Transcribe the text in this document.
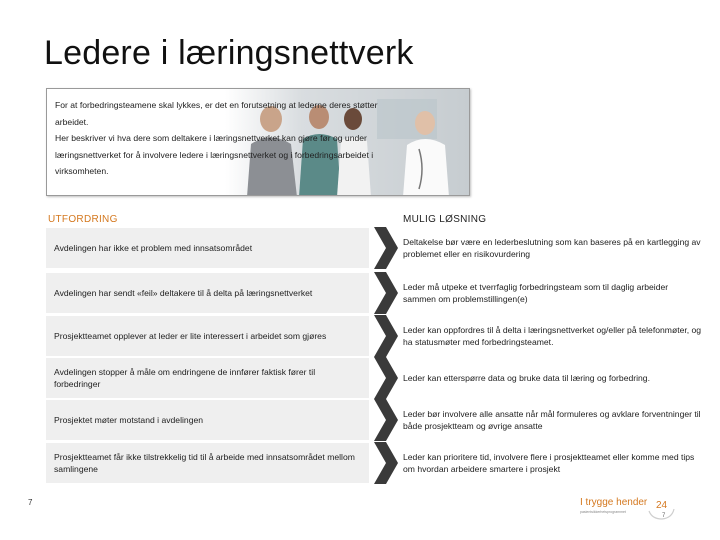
Ledere i læringsnettverk
For at forbedringsteamene skal lykkes, er det en forutsetning at lederne deres støtter
arbeidet.
Her beskriver vi hva dere som deltakere i læringsnettverket kan gjøre før og under
læringsnettverket for å involvere ledere i læringsnettverket og i forbedringsarbeidet i
virksomheten.
UTFORDRING	MULIG LØSNING
Avdelingen har ikke et problem med innsatsområdet
Deltakelse bør være en lederbeslutning som kan baseres på en kartlegging av problemet eller en risikovurdering
Avdelingen har sendt «feil» deltakere til å delta på læringsnettverket
Leder må utpeke et tverrfaglig forbedringsteam som til daglig arbeider sammen om problemstillingen(e)
Prosjektteamet opplever at leder er lite interessert i arbeidet som gjøres
Leder kan oppfordres til å delta i læringsnettverket og/eller på telefonmøter, og ha statusmøter med forbedringsteamet.
Avdelingen stopper å måle om endringene de innfører faktisk fører til forbedringer
Leder kan etterspørre data og bruke data til læring og forbedring.
Prosjektet møter motstand i avdelingen
Leder bør involvere alle ansatte når mål formuleres og avklare forventninger til både prosjektteam og øvrige ansatte
Prosjektteamet får ikke tilstrekkelig tid til å arbeide med innsatsområdet mellom samlingene
Leder kan prioritere tid, involvere flere i prosjektteamet eller komme med tips om hvordan arbeidere smartere i prosjekt
7	I trygge hender
pasientsikkerhetsprogrammet
24
7
